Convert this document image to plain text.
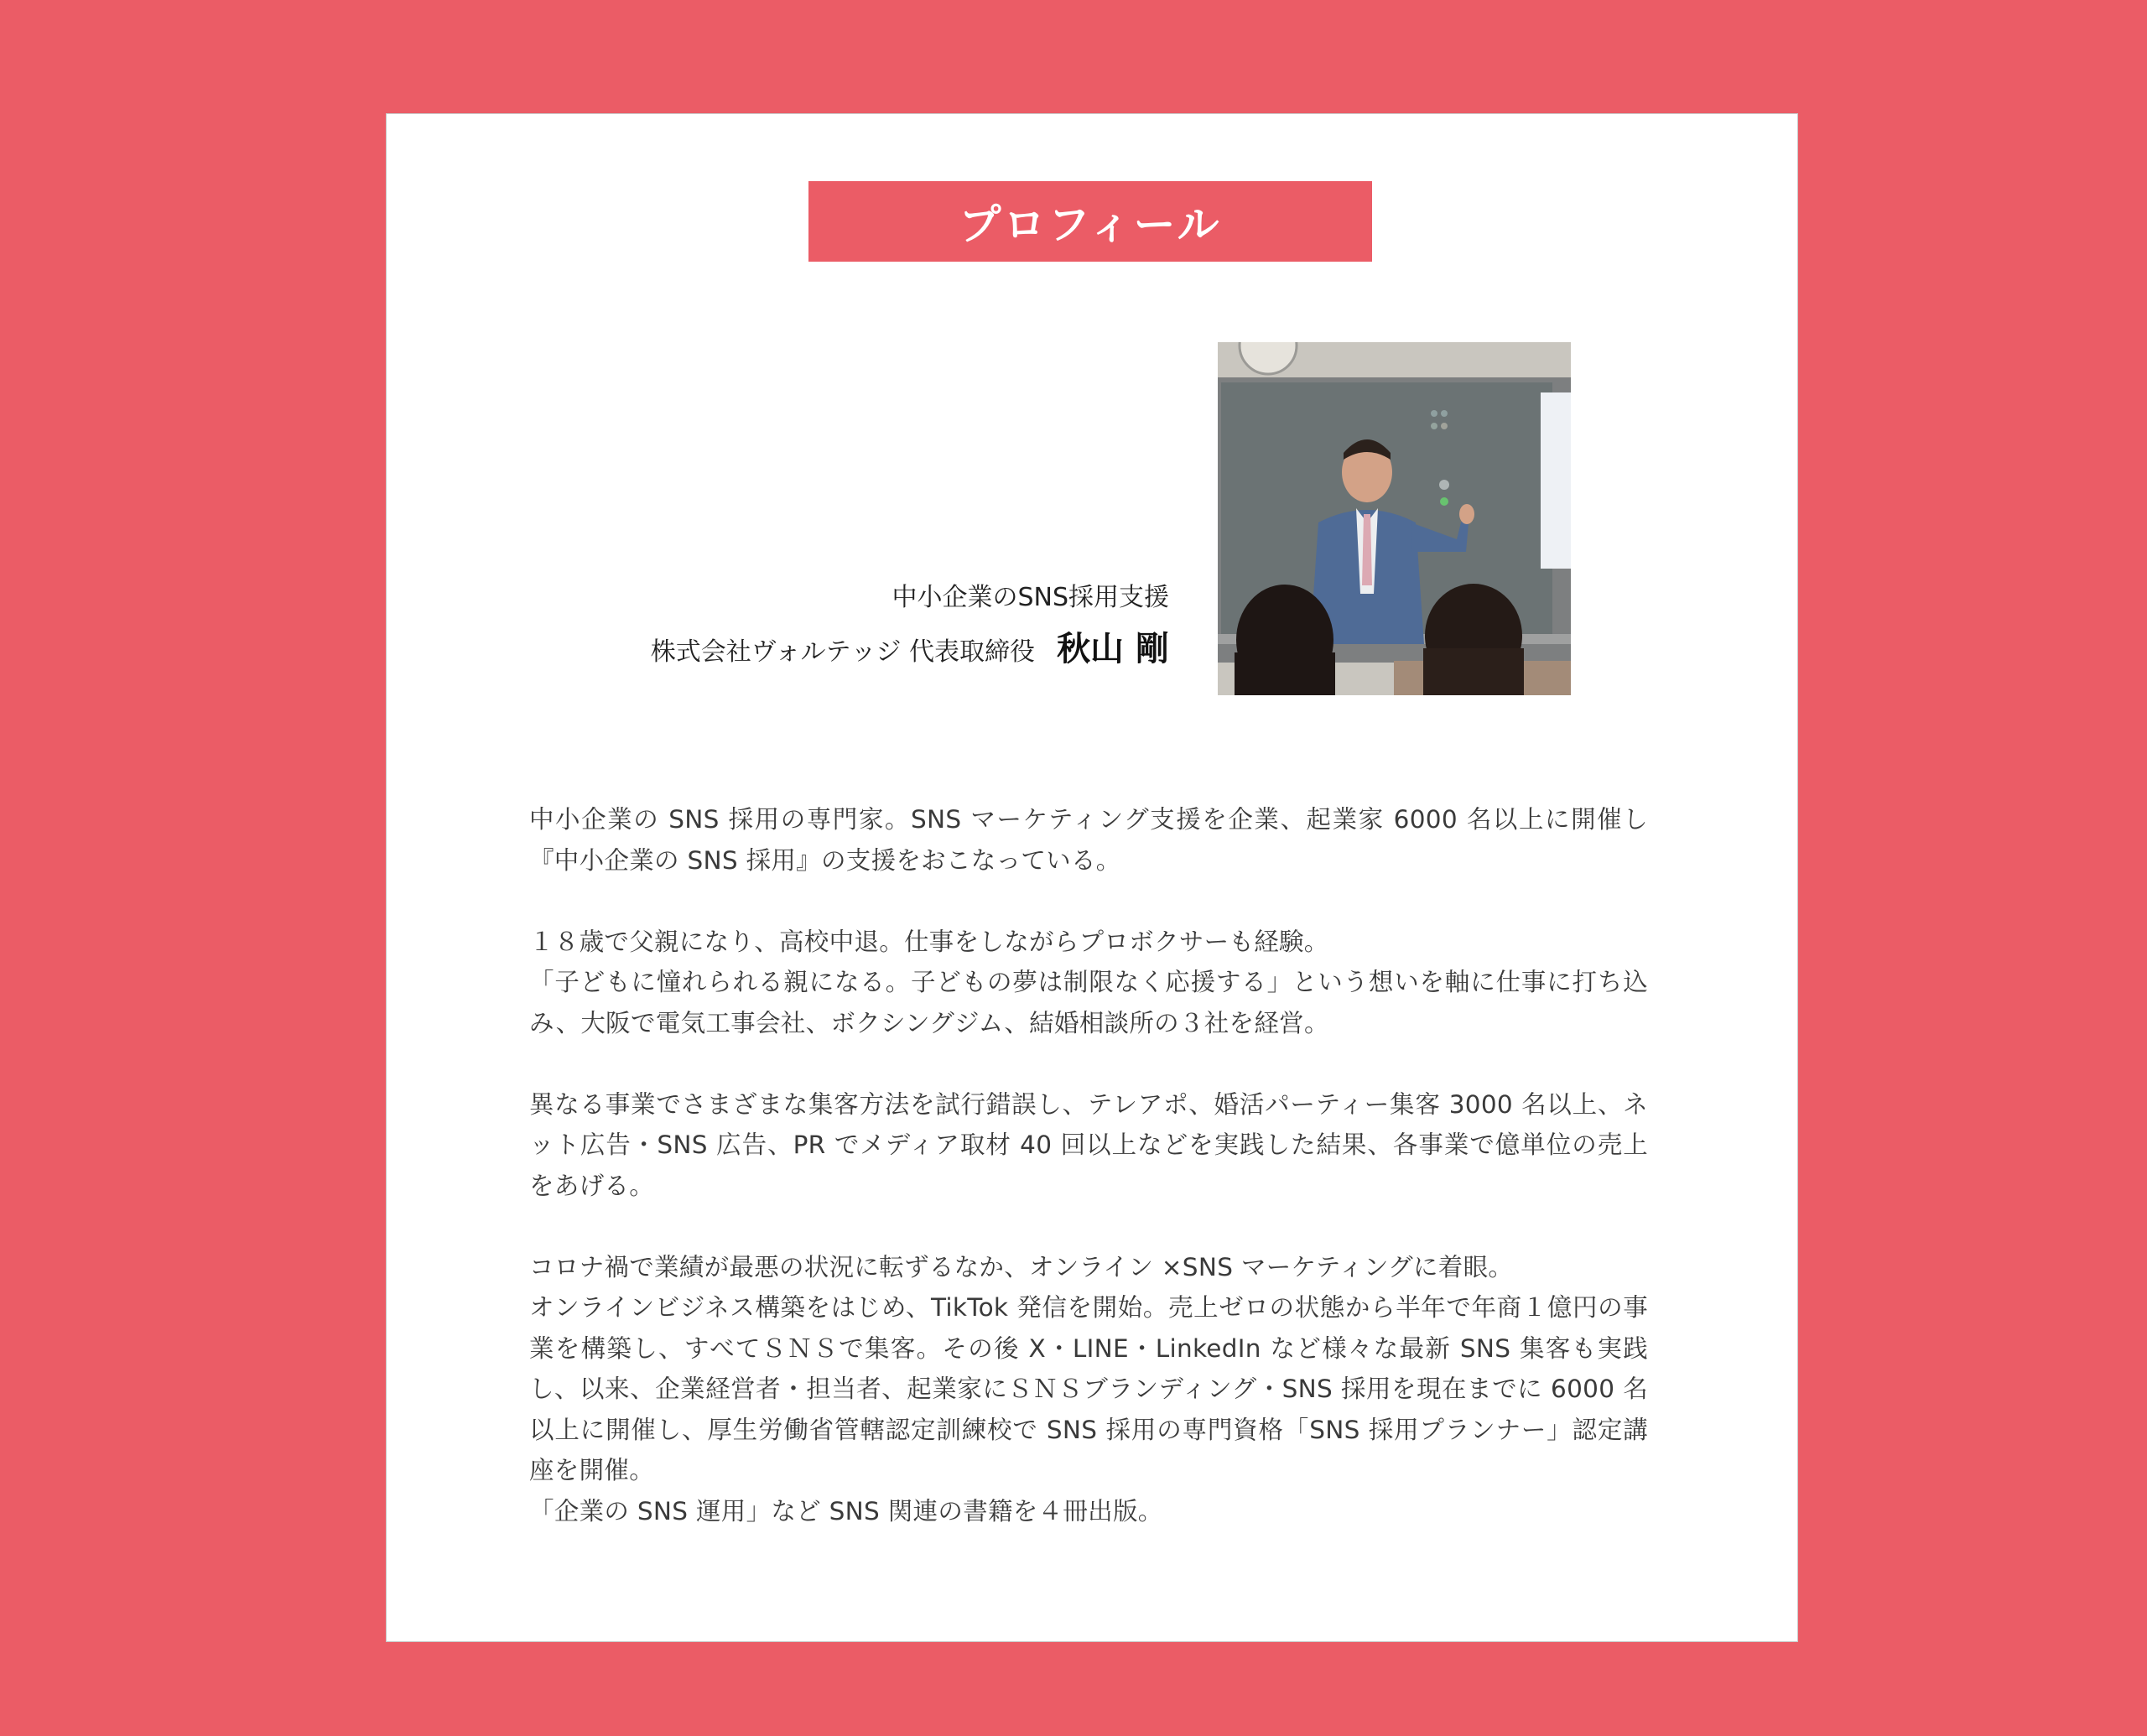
プロフィール
中小企業のSNS採用支援
株式会社ヴォルテッジ 代表取締役 秋山 剛

中小企業の SNS 採用の専門家。SNS マーケティング支援を企業、起業家 6000 名以上に開催し『中小企業の SNS 採用』の支援をおこなっている。

１８歳で父親になり、高校中退。仕事をしながらプロボクサーも経験。
「子どもに憧れられる親になる。子どもの夢は制限なく応援する」という想いを軸に仕事に打ち込み、大阪で電気工事会社、ボクシングジム、結婚相談所の３社を経営。

異なる事業でさまざまな集客方法を試行錯誤し、テレアポ、婚活パーティー集客 3000 名以上、ネット広告・SNS 広告、PR でメディア取材 40 回以上などを実践した結果、各事業で億単位の売上をあげる。

コロナ禍で業績が最悪の状況に転ずるなか、オンライン ×SNS マーケティングに着眼。
オンラインビジネス構築をはじめ、TikTok 発信を開始。売上ゼロの状態から半年で年商１億円の事業を構築し、すべてＳＮＳで集客。その後 X・LINE・LinkedIn など様々な最新 SNS 集客も実践し、以来、企業経営者・担当者、起業家にＳＮＳブランディング・SNS 採用を現在までに 6000 名以上に開催し、厚生労働省管轄認定訓練校で SNS 採用の専門資格「SNS 採用プランナー」認定講座を開催。
「企業の SNS 運用」など SNS 関連の書籍を４冊出版。
